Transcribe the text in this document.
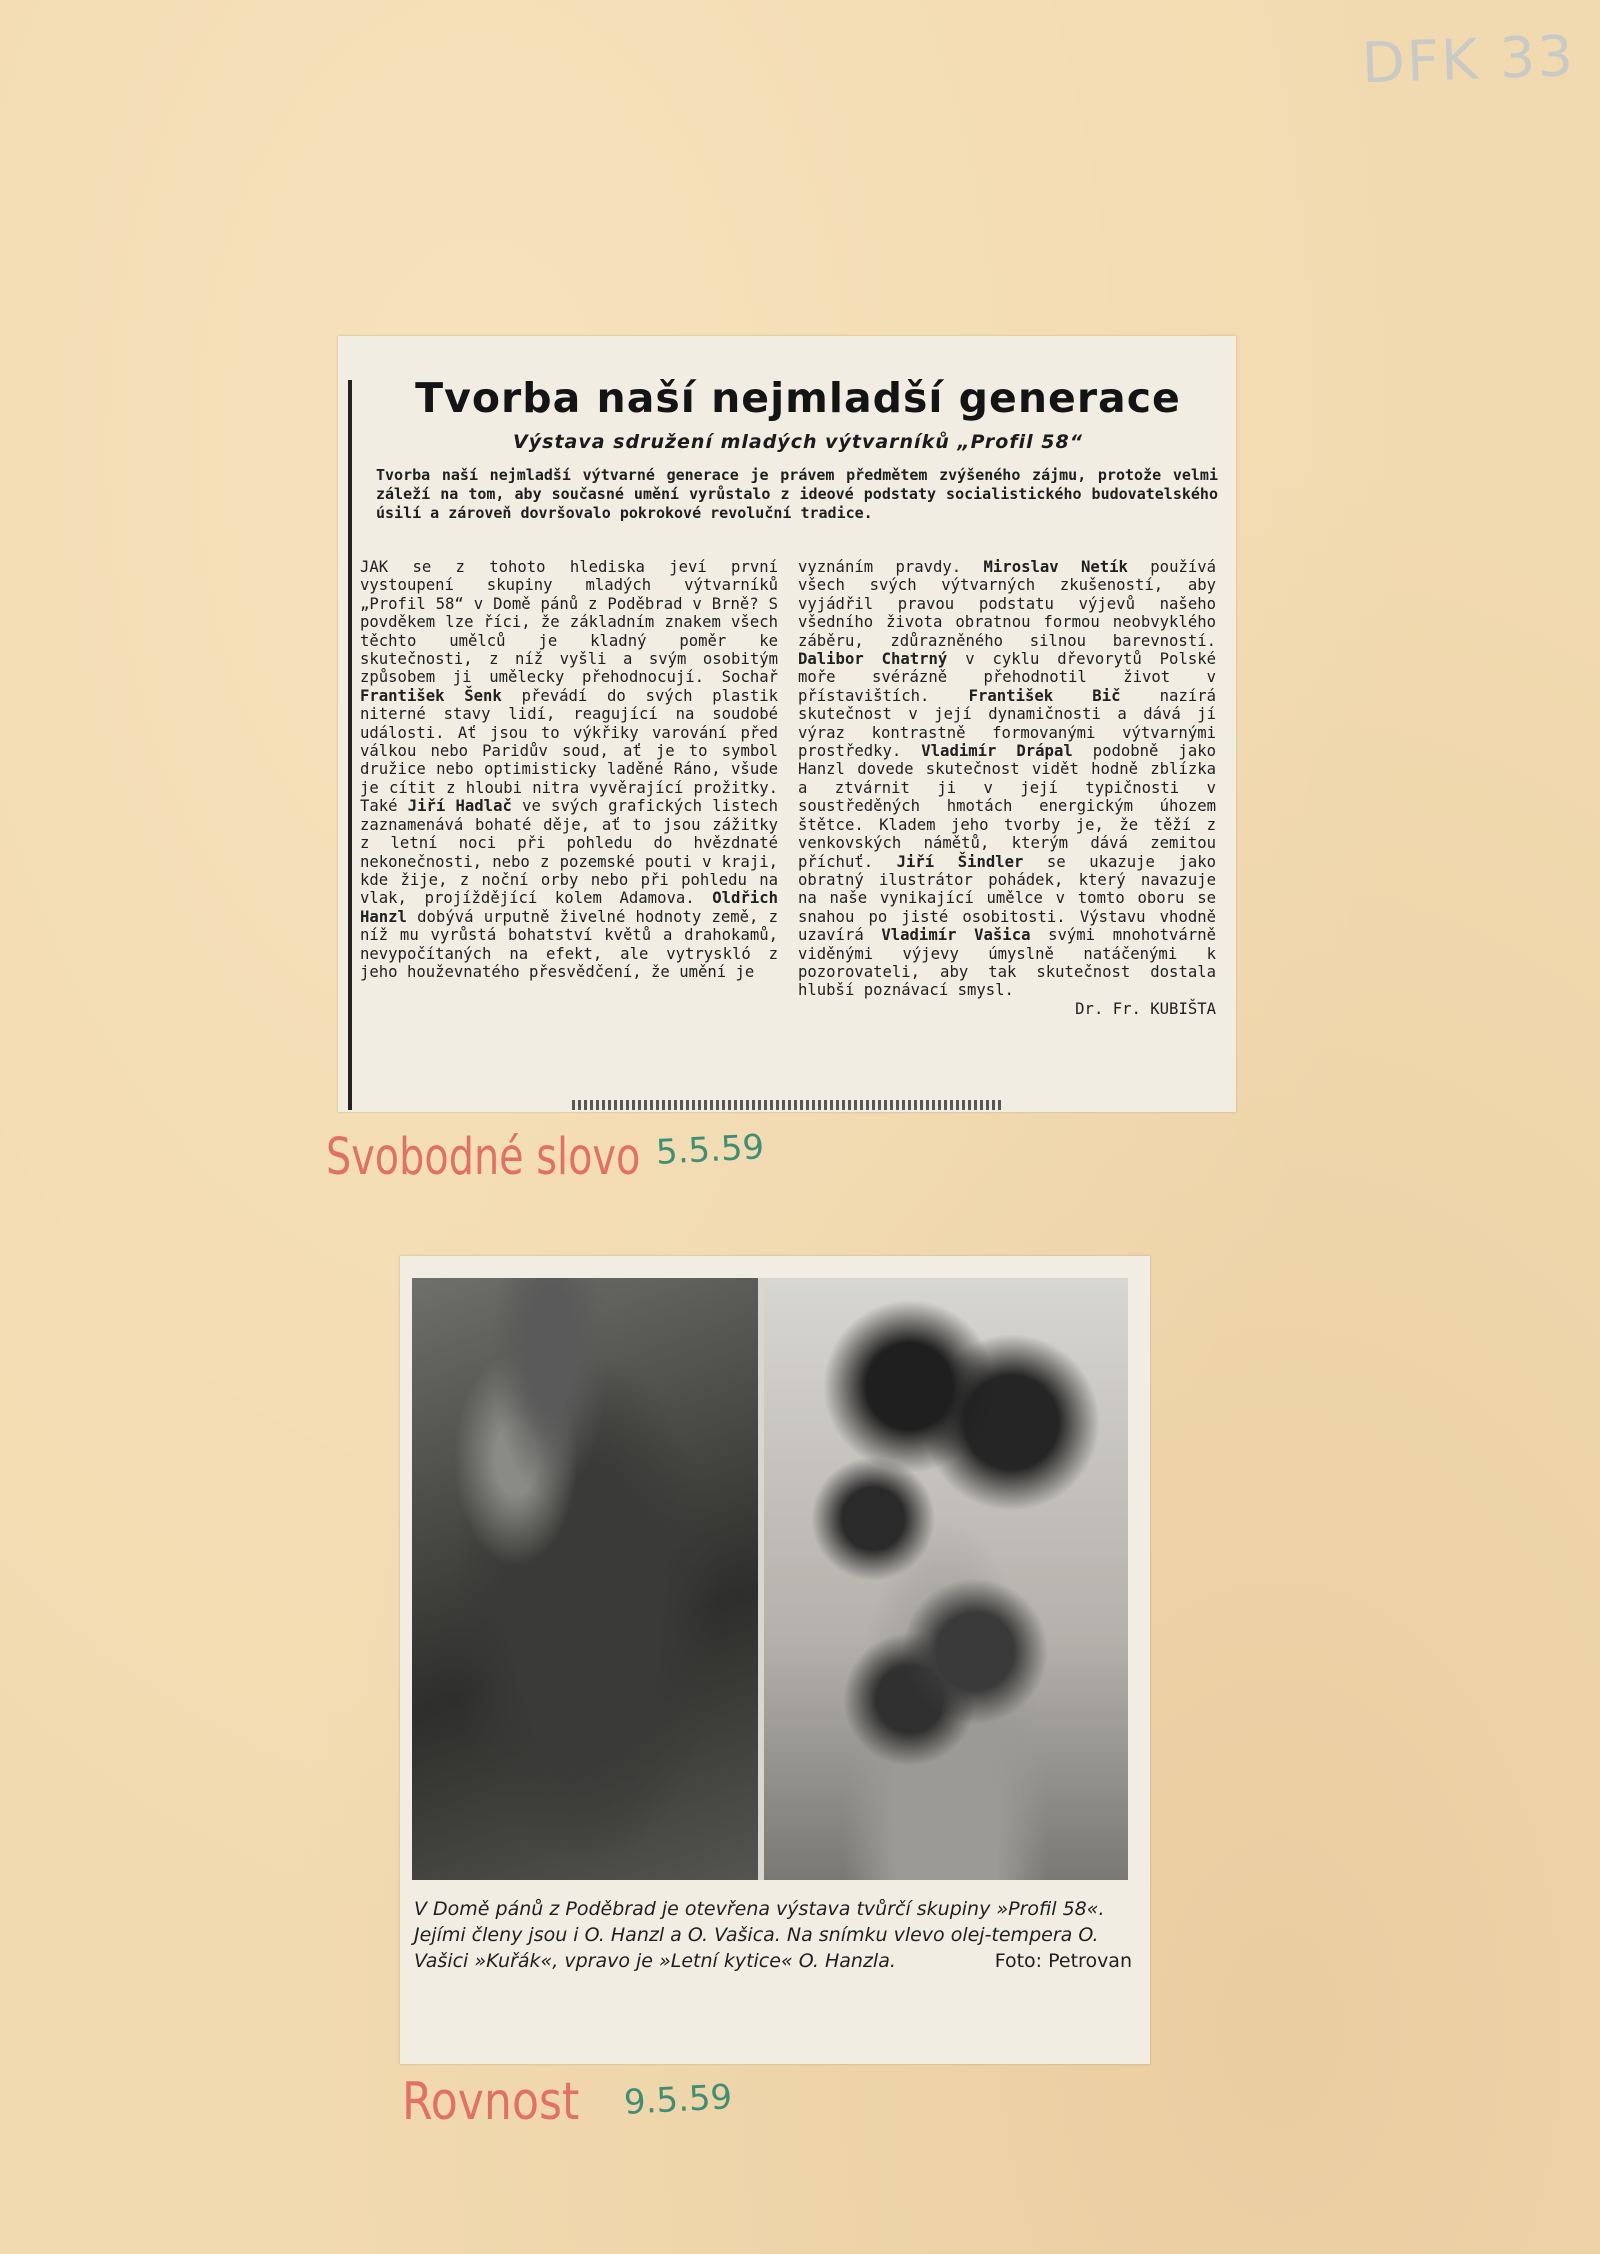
DFK 33
Tvorba naší nejmladší generace
Výstava sdružení mladých výtvarníků „Profil 58“
Tvorba naší nejmladší výtvarné generace je právem předmětem zvýšeného zájmu, protože velmi záleží na tom, aby současné umění vyrůstalo z ideové podstaty socialistického budovatelského úsilí a zároveň dovršovalo pokrokové revoluční tradice.
JAK se z tohoto hlediska jeví první vystoupení skupiny mladých výtvarníků „Profil 58“ v Domě pánů z Poděbrad v Brně? S povděkem lze říci, že základním znakem všech těchto umělců je kladný poměr ke skutečnosti, z níž vyšli a svým osobitým způsobem ji umělecky přehodnocují. Sochař František Šenk převádí do svých plastik niterné stavy lidí, reagující na soudobé události. Ať jsou to výkřiky varování před válkou nebo Paridův soud, ať je to symbol družice nebo optimisticky laděné Ráno, všude je cítit z hloubi nitra vyvěrající prožitky. Také Jiří Hadlač ve svých grafických listech zaznamenává bohaté děje, ať to jsou zážitky z letní noci při pohledu do hvězdnaté nekonečnosti, nebo z pozemské pouti v kraji, kde žije, z noční orby nebo při pohledu na vlak, projíždějící kolem Adamova. Oldřich Hanzl dobývá urputně živelné hodnoty země, z níž mu vyrůstá bohatství květů a drahokamů, nevypočítaných na efekt, ale vytryskló z jeho houževnatého přesvědčení, že umění je
vyznáním pravdy. Miroslav Netík používá všech svých výtvarných zkušeností, aby vyjádřil pravou podstatu výjevů našeho všedního života obratnou formou neobvyklého záběru, zdůrazněného silnou barevností. Dalibor Chatrný v cyklu dřevorytů Polské moře svérázně přehodnotil život v přístavištích. František Bič nazírá skutečnost v její dynamičnosti a dává jí výraz kontrastně formovanými výtvarnými prostředky. Vladimír Drápal podobně jako Hanzl dovede skutečnost vidět hodně zblízka a ztvárnit ji v její typičnosti v soustředěných hmotách energickým úhozem štětce. Kladem jeho tvorby je, že těží z venkovských námětů, kterým dává zemitou příchuť. Jiří Šindler se ukazuje jako obratný ilustrátor pohádek, který navazuje na naše vynikající umělce v tomto oboru se snahou po jisté osobitosti. Výstavu vhodně uzavírá Vladimír Vašica svými mnohotvárně viděnými výjevy úmyslně natáčenými k pozorovateli, aby tak skutečnost dostala hlubší poznávací smysl.
Dr. Fr. KUBIŠTA
Svobodné slovo 5.5.59
V Domě pánů z Poděbrad je otevřena výstava tvůrčí skupiny »Profil 58«. Jejími členy jsou i O. Hanzl a O. Vašica. Na snímku vlevo olej-tempera O. Vašici »Kuřák«, vpravo je »Letní kytice« O. Hanzla.	Foto: Petrovan
Rovnost 9.5.59
